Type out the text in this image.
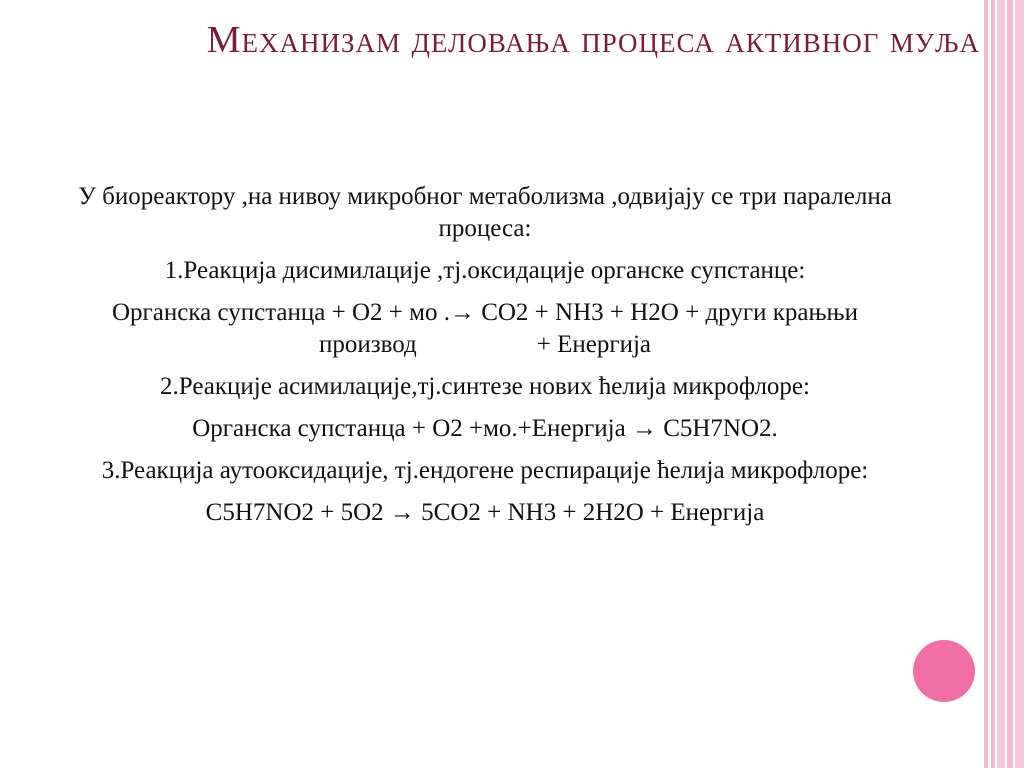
Механизам деловања процеса активног муља

У биореактору ,на нивоу микробног метаболизма ,одвијају се три паралелна процеса:

1.Реакција дисимилације ,тј.оксидације органске супстанце:

Органска супстанца + О2 + мо .→ CO2 + NH3 + H2O + други крањњи производ	+ Енергија

2.Реакције асимилације,тј.синтезе нових ћелија микрофлоре:

Органска супстанца + О2 +мо.+Енергија → C5H7NO2.

3.Реакција аутооксидације, тј.ендогене респирације ћелија микрофлоре:

C5H7NO2 + 5O2 → 5CO2 + NH3 + 2H2O + Енергија
